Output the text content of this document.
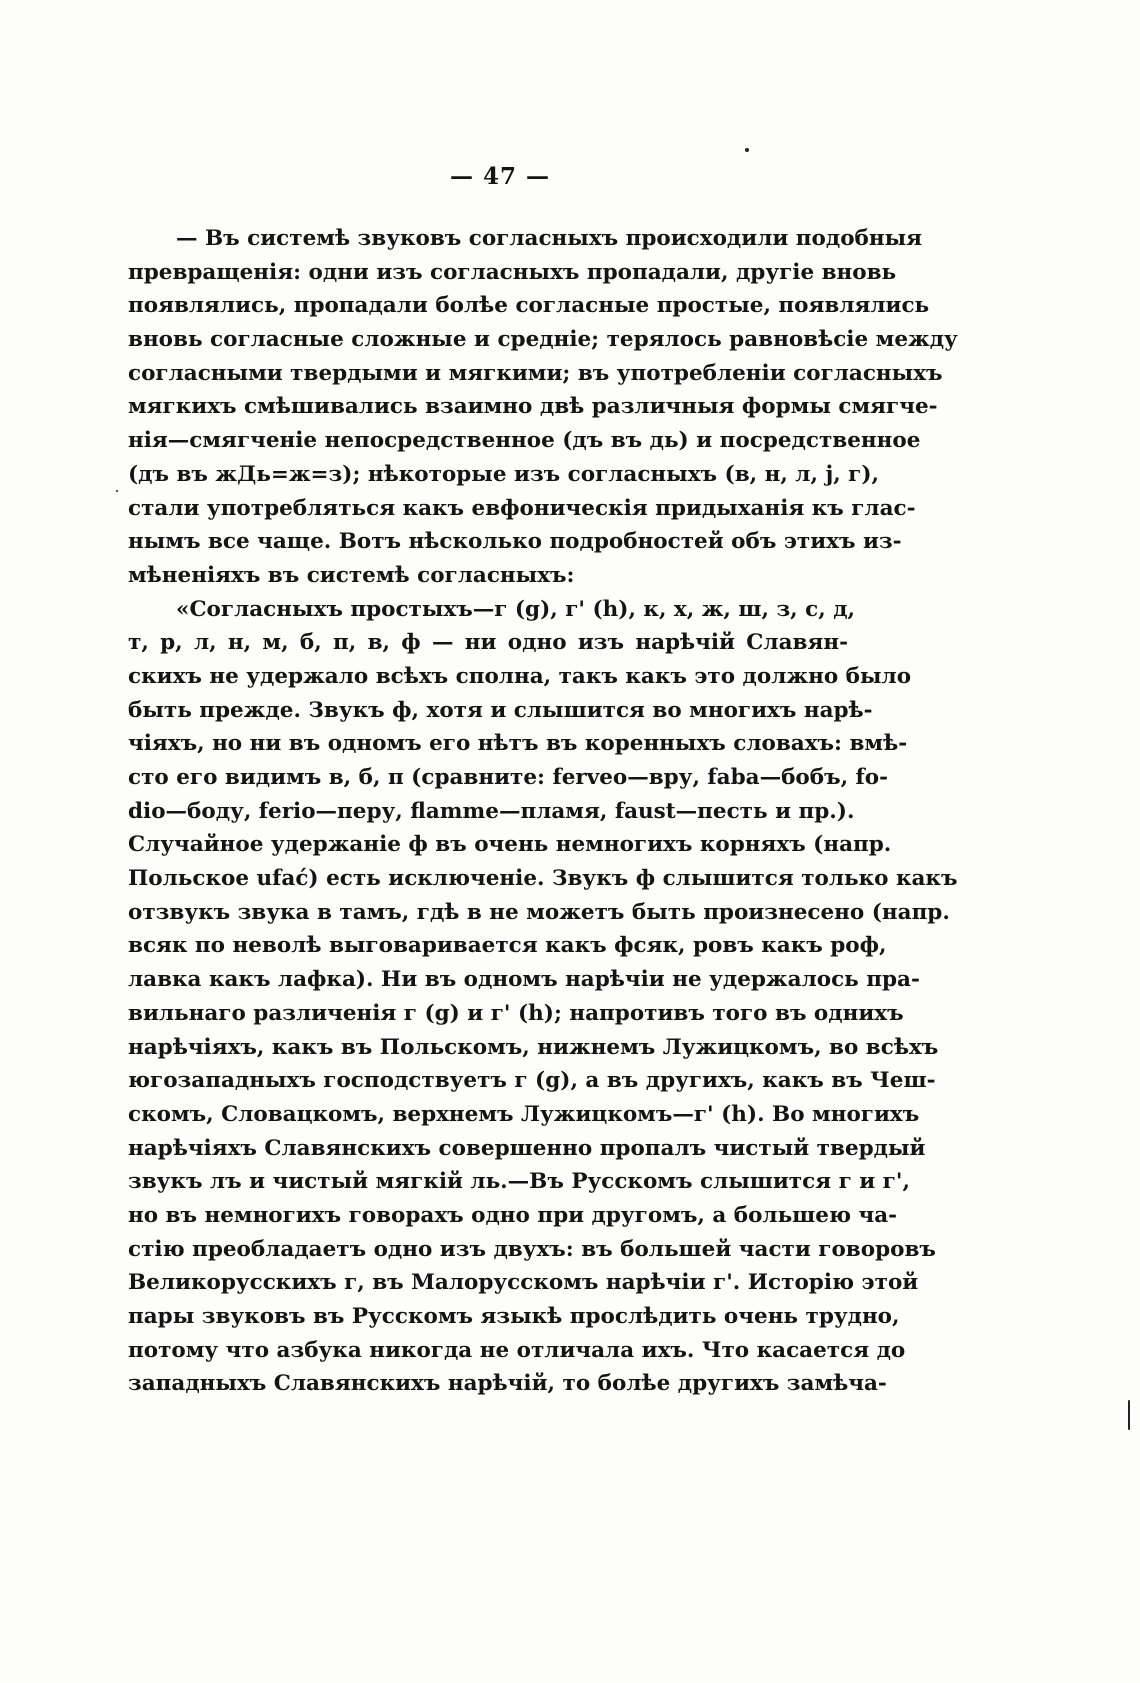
— 47 —
— Въ системѣ звуковъ согласныхъ происходили подобныя
превращенія: одни изъ согласныхъ пропадали, другіе вновь
появлялись, пропадали болѣе согласные простые, появлялись
вновь согласные сложные и средніе; терялось равновѣсіе между
согласными твердыми и мягкими; въ употребленіи согласныхъ
мягкихъ смѣшивались взаимно двѣ различныя формы смягче-
нія—смягченіе непосредственное (дъ въ дь) и посредственное
(дъ въ жДь=ж=з); нѣкоторые изъ согласныхъ (в, н, л, j, г),
стали употребляться какъ евфоническія придыханія къ глас-
нымъ все чаще. Вотъ нѣсколько подробностей объ этихъ из-
мѣненіяхъ въ системѣ согласныхъ:
«Согласныхъ простыхъ—г (g), г' (h), к, х, ж, ш, з, с, д,
т, р, л, н, м, б, п, в, ф — ни одно изъ нарѣчій Славян-
скихъ не удержало всѣхъ сполна, такъ какъ это должно было
быть прежде. Звукъ ф, хотя и слышится во многихъ нарѣ-
чіяхъ, но ни въ одномъ его нѣтъ въ коренныхъ словахъ: вмѣ-
сто его видимъ в, б, п (сравните: fervеo—вру, faba—бобъ, fo-
dio—боду, ferio—перу, flamme—пламя, faust—песть и пр.).
Случайное удержаніе ф въ очень немногихъ корняхъ (напр.
Польское ufać) есть исключеніе. Звукъ ф слышится только какъ
отзвукъ звука в тамъ, гдѣ в не можетъ быть произнесено (напр.
всяк по неволѣ выговаривается какъ фсяк, ровъ какъ роф,
лавка какъ лафка). Ни въ одномъ нарѣчіи не удержалось пра-
вильнаго различенія г (g) и г' (h); напротивъ того въ однихъ
нарѣчіяхъ, какъ въ Польскомъ, нижнемъ Лужицкомъ, во всѣхъ
югозападныхъ господствуетъ г (g), а въ другихъ, какъ въ Чеш-
скомъ, Словацкомъ, верхнемъ Лужицкомъ—г' (h). Во многихъ
нарѣчіяхъ Славянскихъ совершенно пропалъ чистый твердый
звукъ лъ и чистый мягкій ль.—Въ Русскомъ слышится г и г',
но въ немногихъ говорахъ одно при другомъ, а большею ча-
стію преобладаетъ одно изъ двухъ: въ большей части говоровъ
Великорусскихъ г, въ Малорусскомъ нарѣчіи г'. Исторію этой
пары звуковъ въ Русскомъ языкѣ прослѣдить очень трудно,
потому что азбука никогда не отличала ихъ. Что касается до
западныхъ Славянскихъ нарѣчій, то болѣе другихъ замѣча-
